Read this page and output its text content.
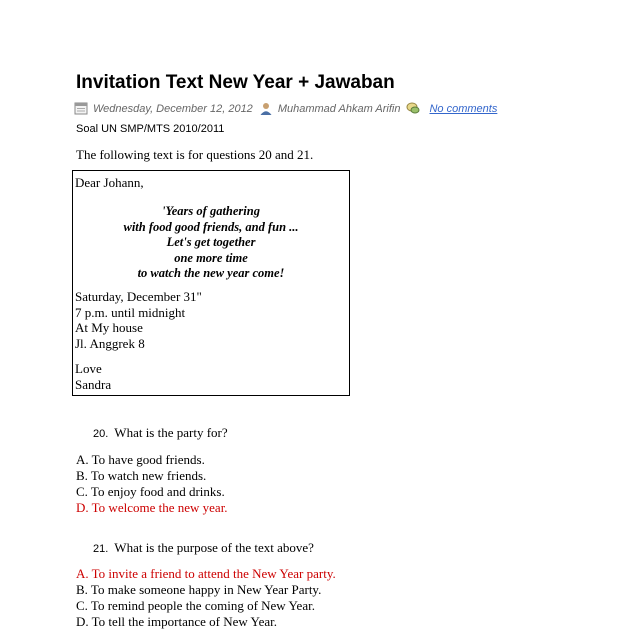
Invitation Text New Year + Jawaban
Wednesday, December 12, 2012 Muhammad Ahkam Arifin	No comments
Soal UN SMP/MTS 2010/2011
The following text is for questions 20 and 21.
Dear Johann,
'Years of gathering
with food good friends, and fun ...
Let's get together
one more time
to watch the new year come!
Saturday, December 31"
7 p.m. until midnight
At My house
Jl. Anggrek 8
Love
Sandra
20. What is the party for?
A. To have good friends.
B. To watch new friends.
C. To enjoy food and drinks.
D. To welcome the new year.
21. What is the purpose of the text above?
A. To invite a friend to attend the New Year party.
B. To make someone happy in New Year Party.
C. To remind people the coming of New Year.
D. To tell the importance of New Year.
